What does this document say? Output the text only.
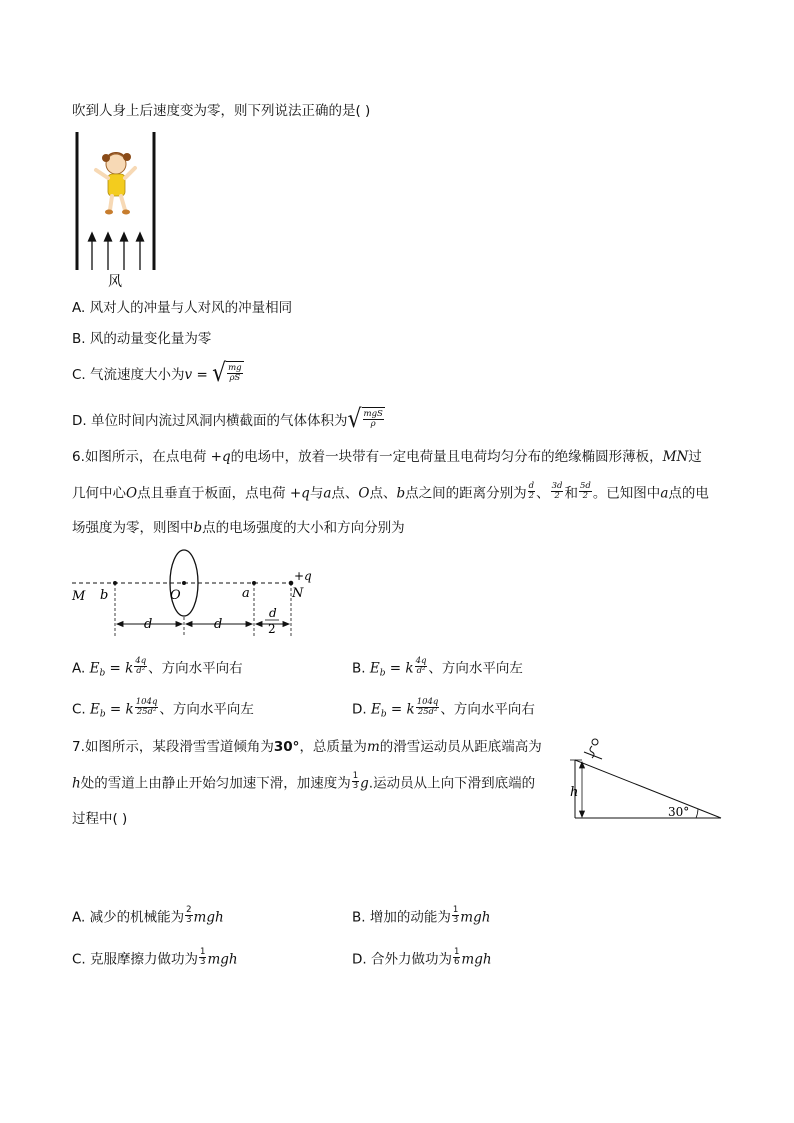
吹到人身上后速度变为零，则下列说法正确的是( )
风
A. 风对人的冲量与人对风的冲量相同
B. 风的动量变化量为零
C. 气流速度大小为v = √ $\frac{mg}{\rho S}$
D. 单位时间内流过风洞内横截面的气体体积为 √ $\frac{\text{mgS}}{\rho}$
6.如图所示，在点电荷 +q的电场中，放着一块带有一定电荷量且电荷均匀分布的绝缘椭圆形薄板，MN过
几何中心O点且垂直于板面，点电荷 +q与a点、O点、b点之间的距离分别为 $\frac{d}{2}$ 、 $\frac{3d}{2}$ 和 $\frac{5d}{2}$ 。已知图中a点的电
场强度为零，则图中b点的电场强度的大小和方向分别为
M b	O	a	N
+q
d	d
d
2
A. $E_b = k \frac{4q}{\text{d²}}$ 、方向水平向右	B. $E_b = k \frac{4q}{\text{d²}}$ 、方向水平向左
C. $E_b = k \frac{104q}{\text{25d²}}$ 、方向水平向左	D. $E_b = k \frac{104q}{\text{25d²}}$ 、方向水平向右
7.如图所示，某段滑雪雪道倾角为30°，总质量为m的滑雪运动员从距底端高为
h处的雪道上由静止开始匀加速下滑，加速度为 $\frac{1}{3} g$.运动员从上向下滑到底端的
过程中( )
h
30°
A. 减少的机械能为 $\frac{2}{3}$ mgh	B. 增加的动能为 $\frac{1}{3}$ mgh
C. 克服摩擦力做功为 $\frac{1}{3}$ mgh	D. 合外力做功为 $\frac{1}{6}$ mgh
